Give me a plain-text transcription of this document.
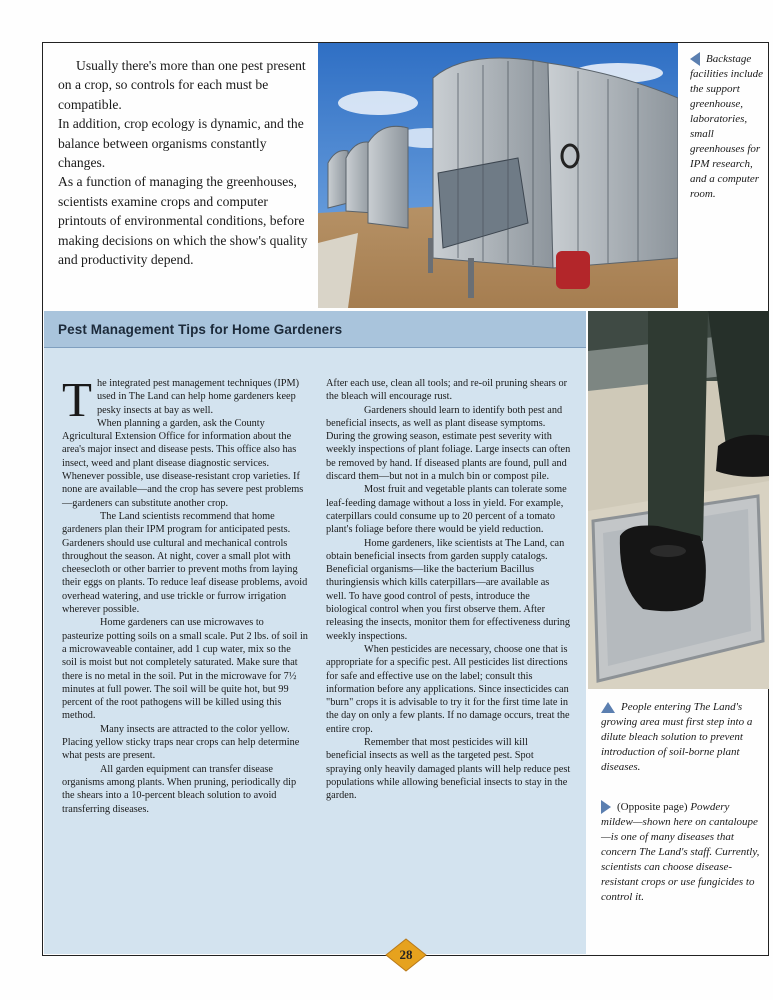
Usually there's more than one pest present on a crop, so controls for each must be compatible.

In addition, crop ecology is dynamic, and the balance between organisms constantly changes.

As a function of managing the greenhouses, scientists examine crops and computer printouts of environmental conditions, before making decisions on which the show's quality and productivity depend.

Backstage facilities include the support greenhouse, laboratories, small greenhouses for IPM research, and a computer room.
Pest Management Tips for Home Gardeners

The integrated pest management techniques (IPM) used in The Land can help home gardeners keep pesky insects at bay as well.

When planning a garden, ask the County Agricultural Extension Office for information about the area's major insect and disease pests. This office also has insect, weed and plant disease diagnostic services. Whenever possible, use disease-resistant crop varieties. If none are available—and the crop has severe pest problems—gardeners can substitute another crop.

The Land scientists recommend that home gardeners plan their IPM program for anticipated pests. Gardeners should use cultural and mechanical controls throughout the season. At night, cover a small plot with cheesecloth or other barrier to prevent moths from laying their eggs on plants. To reduce leaf disease problems, avoid overhead watering, and use trickle or furrow irrigation wherever possible.

Home gardeners can use microwaves to pasteurize potting soils on a small scale. Put 2 lbs. of soil in a microwaveable container, add 1 cup water, mix so the soil is moist but not completely saturated. Make sure that there is no metal in the soil. Put in the microwave for 7½ minutes at full power. The soil will be quite hot, but 99 percent of the root pathogens will be killed using this method.

Many insects are attracted to the color yellow. Placing yellow sticky traps near crops can help determine what pests are present.

All garden equipment can transfer disease organisms among plants. When pruning, periodically dip the shears into a 10-percent bleach solution to avoid transferring diseases.

After each use, clean all tools; and re-oil pruning shears or the bleach will encourage rust.

Gardeners should learn to identify both pest and beneficial insects, as well as plant disease symptoms. During the growing season, estimate pest severity with weekly inspections of plant foliage. Large insects can often be removed by hand. If diseased plants are found, pull and discard them—but not in a mulch bin or compost pile.

Most fruit and vegetable plants can tolerate some leaf-feeding damage without a loss in yield. For example, caterpillars could consume up to 20 percent of a tomato plant's foliage before there would be yield reduction.

Home gardeners, like scientists at The Land, can obtain beneficial insects from garden supply catalogs. Beneficial organisms—like the bacterium Bacillus thuringiensis which kills caterpillars—are available as well. To have good control of pests, introduce the biological control when you first observe them. After releasing the insects, monitor them for effectiveness during weekly inspections.

When pesticides are necessary, choose one that is appropriate for a specific pest. All pesticides list directions for safe and effective use on the label; consult this information before any applications. Since insecticides can "burn" crops it is advisable to try it for the first time late in the day on only a few plants. If no damage occurs, treat the entire crop.

Remember that most pesticides will kill beneficial insects as well as the targeted pest. Spot spraying only heavily damaged plants will help reduce pest populations while allowing beneficial insects to stay in the garden.

People entering The Land's growing area must first step into a dilute bleach solution to prevent introduction of soil-borne plant diseases.
(Opposite page) Powdery mildew—shown here on cantaloupe—is one of many diseases that concern The Land's staff. Currently, scientists can choose disease-resistant crops or use fungicides to control it.
28
